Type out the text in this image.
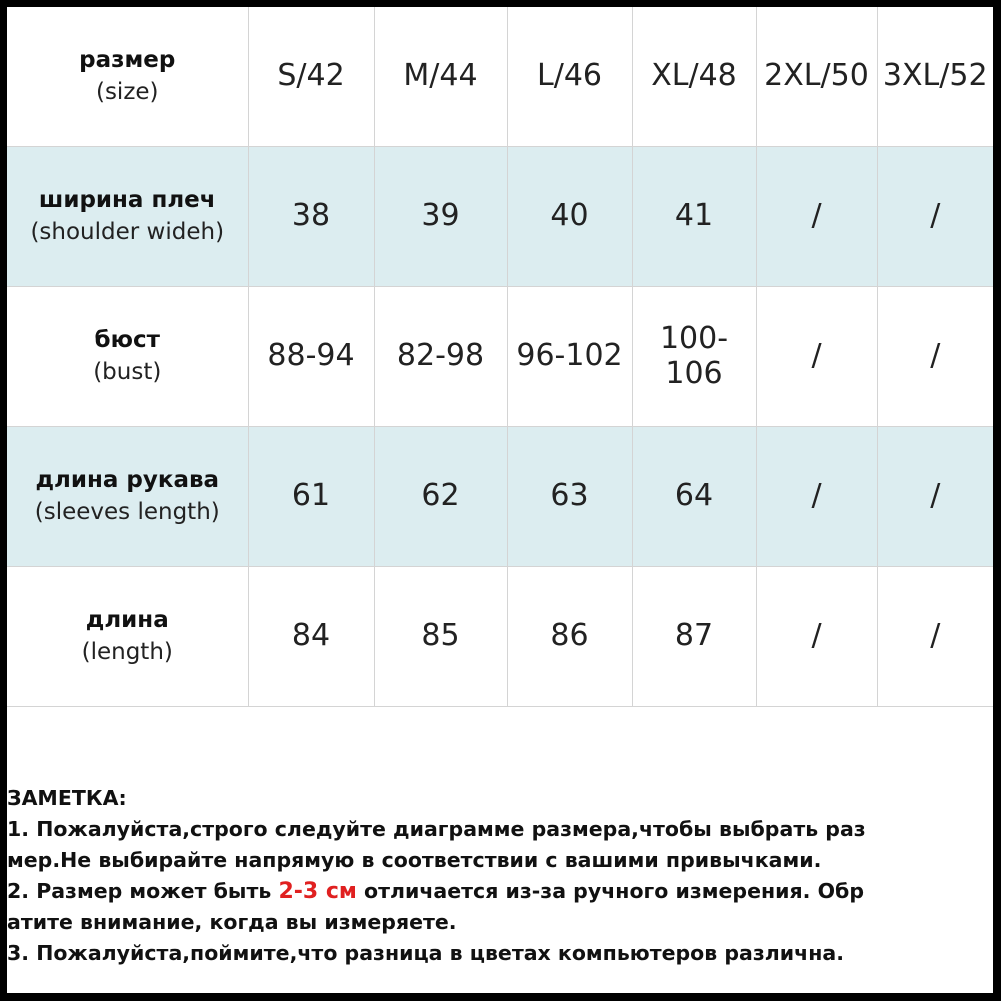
размер
(size)	S/42	M/44	L/46	XL/48	2XL/50	3XL/52

ширина плеч
(shoulder wideh)	38	39	40	41	/	/

бюст
(bust)	88-94	82-98	96-102	100-106	/	/

длина рукава
(sleeves length)	61	62	63	64	/	/

длина
(length)	84	85	86	87	/	/

ЗАМЕТКА:

1. Пожалуйста,строго следуйте диаграмме размера,чтобы выбрать раз

мер.Не выбирайте напрямую в соответствии с вашими привычками.

2. Размер может быть 2-3 см отличается из-за ручного измерения. Обр

атите внимание, когда вы измеряете.

3. Пожалуйста,поймите,что разница в цветах компьютеров различна.
